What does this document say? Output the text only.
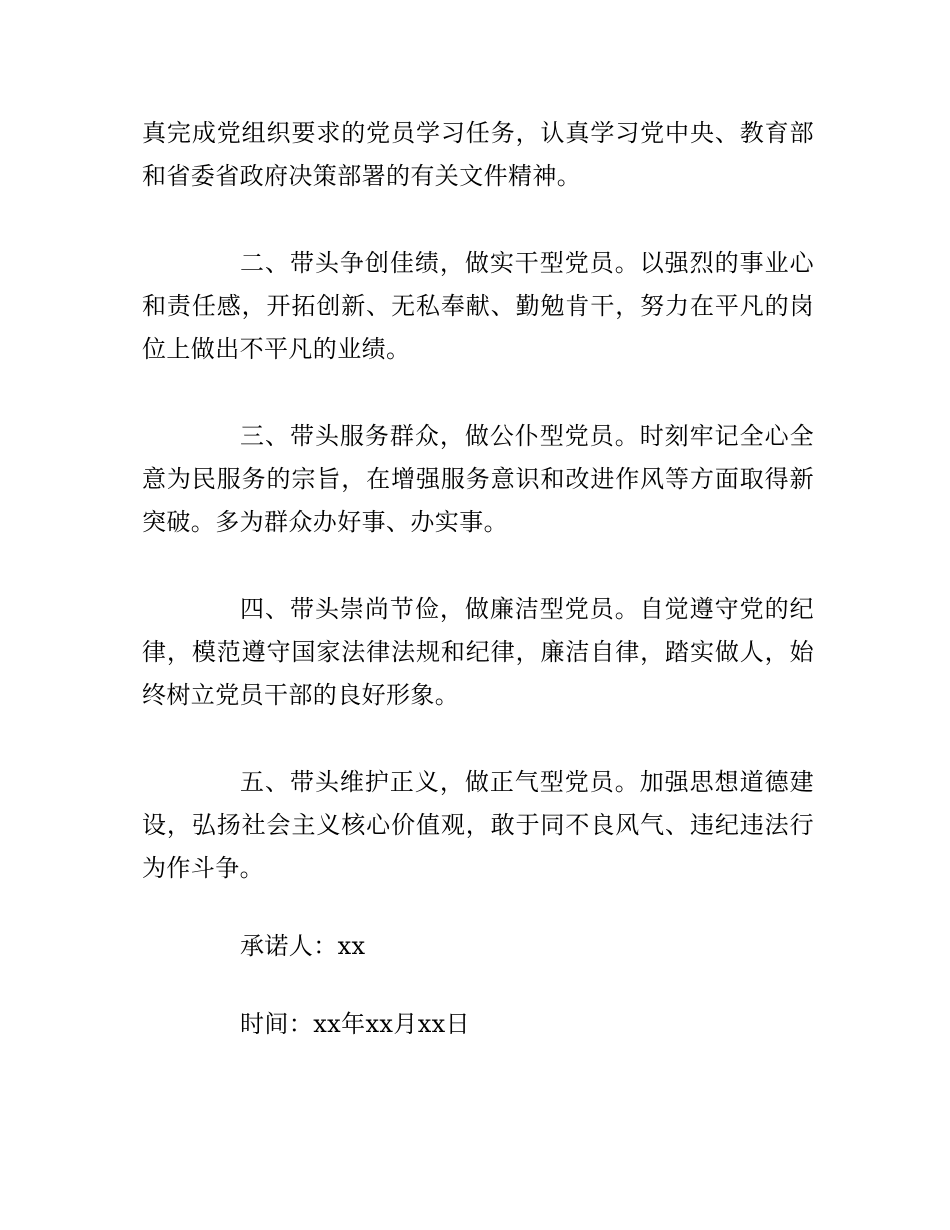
真完成党组织要求的党员学习任务，认真学习党中央、教育部和省委省政府决策部署的有关文件精神。

二、带头争创佳绩，做实干型党员。以强烈的事业心和责任感，开拓创新、无私奉献、勤勉肯干，努力在平凡的岗位上做出不平凡的业绩。

三、带头服务群众，做公仆型党员。时刻牢记全心全意为民服务的宗旨，在增强服务意识和改进作风等方面取得新突破。多为群众办好事、办实事。

四、带头崇尚节俭，做廉洁型党员。自觉遵守党的纪律，模范遵守国家法律法规和纪律，廉洁自律，踏实做人，始终树立党员干部的良好形象。

五、带头维护正义，做正气型党员。加强思想道德建设，弘扬社会主义核心价值观，敢于同不良风气、违纪违法行为作斗争。

承诺人：xx

时间：xx年xx月xx日
